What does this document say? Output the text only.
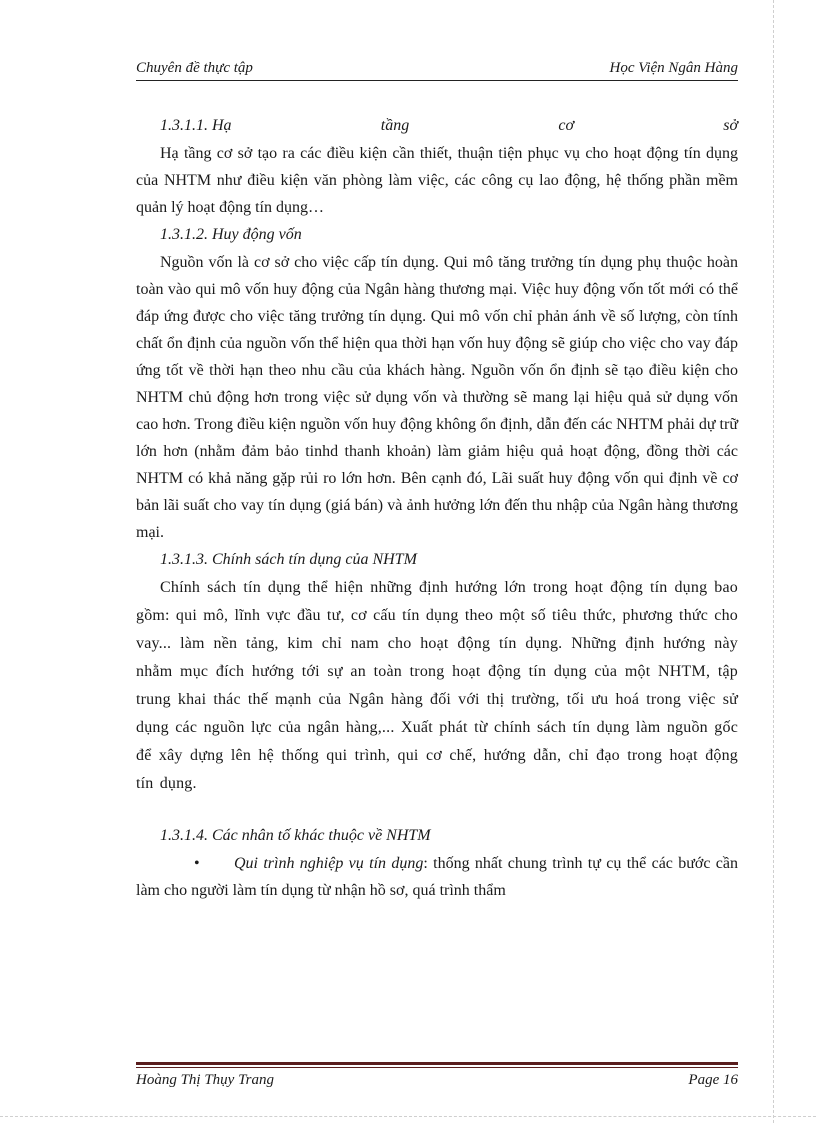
Chuyên đề thực tập	Học Viện Ngân Hàng
1.3.1.1. Hạ	tầng	cơ	sở

Hạ tầng cơ sở tạo ra các điều kiện cần thiết, thuận tiện phục vụ cho hoạt động tín dụng của NHTM như điều kiện văn phòng làm việc, các công cụ lao động, hệ thống phần mềm quản lý hoạt động tín dụng…

1.3.1.2. Huy động vốn

Nguồn vốn là cơ sở cho việc cấp tín dụng. Qui mô tăng trưởng tín dụng phụ thuộc hoàn toàn vào qui mô vốn huy động của Ngân hàng thương mại. Việc huy động vốn tốt mới có thể đáp ứng được cho việc tăng trưởng tín dụng. Qui mô vốn chỉ phản ánh về số lượng, còn tính chất ổn định của nguồn vốn thể hiện qua thời hạn vốn huy động sẽ giúp cho việc cho vay đáp ứng tốt về thời hạn theo nhu cầu của khách hàng. Nguồn vốn ổn định sẽ tạo điều kiện cho NHTM chủ động hơn trong việc sử dụng vốn và thường sẽ mang lại hiệu quả sử dụng vốn cao hơn. Trong điều kiện nguồn vốn huy động không ổn định, dẫn đến các NHTM phải dự trữ lớn hơn (nhằm đảm bảo tinhd thanh khoản) làm giảm hiệu quả hoạt động, đồng thời các NHTM có khả năng gặp rủi ro lớn hơn. Bên cạnh đó, Lãi suất huy động vốn qui định về cơ bản lãi suất cho vay tín dụng (giá bán) và ảnh hưởng lớn đến thu nhập của Ngân hàng thương mại.

1.3.1.3. Chính sách tín dụng của NHTM

Chính sách tín dụng thể hiện những định hướng lớn trong hoạt động tín dụng bao gồm: qui mô, lĩnh vực đầu tư, cơ cấu tín dụng theo một số tiêu thức, phương thức cho vay... làm nền tảng, kim chỉ nam cho hoạt động tín dụng. Những định hướng này nhằm mục đích hướng tới sự an toàn trong hoạt động tín dụng của một NHTM, tập trung khai thác thế mạnh của Ngân hàng đối với thị trường, tối ưu hoá trong việc sử dụng các nguồn lực của ngân hàng,... Xuất phát từ chính sách tín dụng làm nguồn gốc để xây dựng lên hệ thống qui trình, qui cơ chế, hướng dẫn, chỉ đạo trong hoạt động tín dụng.

1.3.1.4. Các nhân tố khác thuộc về NHTM

• Qui trình nghiệp vụ tín dụng: thống nhất chung trình tự cụ thể các bước cần làm cho người làm tín dụng từ nhận hồ sơ, quá trình thẩm

Hoàng Thị Thụy Trang	Page 16
